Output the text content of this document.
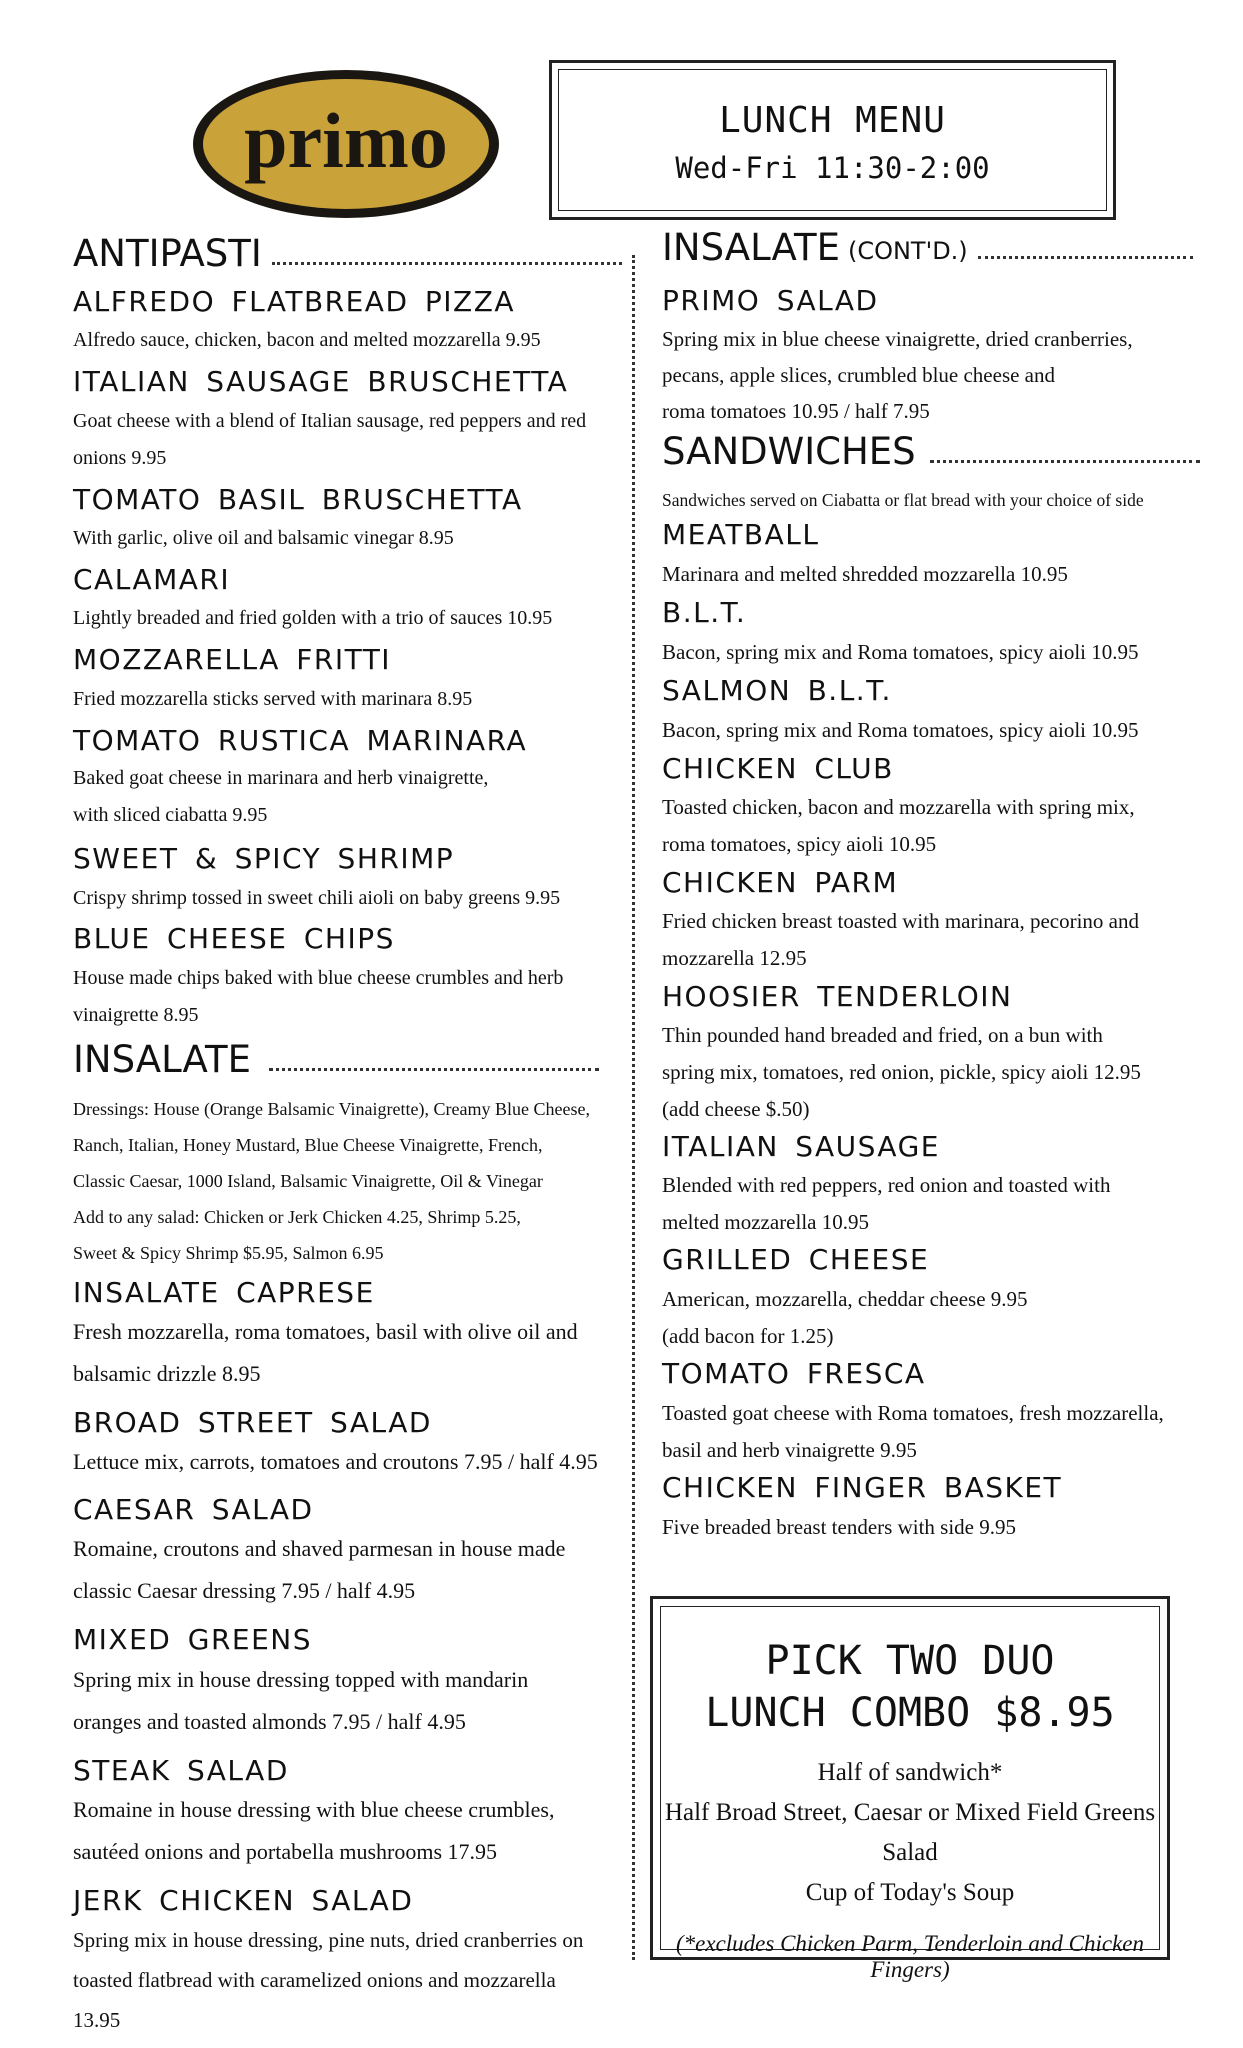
primo	LUNCH MENU
Wed-Fri 11:30-2:00
ANTIPASTI
ALFREDO FLATBREAD PIZZA
Alfredo sauce, chicken, bacon and melted mozzarella 9.95
ITALIAN SAUSAGE BRUSCHETTA
Goat cheese with a blend of Italian sausage, red peppers and red
onions 9.95
TOMATO BASIL BRUSCHETTA
With garlic, olive oil and balsamic vinegar 8.95
CALAMARI
Lightly breaded and fried golden with a trio of sauces 10.95
MOZZARELLA FRITTI
Fried mozzarella sticks served with marinara 8.95
TOMATO RUSTICA MARINARA
Baked goat cheese in marinara and herb vinaigrette,
with sliced ciabatta 9.95
SWEET & SPICY SHRIMP
Crispy shrimp tossed in sweet chili aioli on baby greens 9.95
BLUE CHEESE CHIPS
House made chips baked with blue cheese crumbles and herb
vinaigrette 8.95
INSALATE
Dressings: House (Orange Balsamic Vinaigrette), Creamy Blue Cheese,
Ranch, Italian, Honey Mustard, Blue Cheese Vinaigrette, French,
Classic Caesar, 1000 Island, Balsamic Vinaigrette, Oil & Vinegar
Add to any salad: Chicken or Jerk Chicken 4.25, Shrimp 5.25,
Sweet & Spicy Shrimp $5.95, Salmon 6.95
INSALATE CAPRESE
Fresh mozzarella, roma tomatoes, basil with olive oil and
balsamic drizzle 8.95
BROAD STREET SALAD
Lettuce mix, carrots, tomatoes and croutons 7.95 / half 4.95
CAESAR SALAD
Romaine, croutons and shaved parmesan in house made
classic Caesar dressing 7.95 / half 4.95
MIXED GREENS
Spring mix in house dressing topped with mandarin
oranges and toasted almonds 7.95 / half 4.95
STEAK SALAD
Romaine in house dressing with blue cheese crumbles,
sautéed onions and portabella mushrooms 17.95
JERK CHICKEN SALAD
Spring mix in house dressing, pine nuts, dried cranberries on
toasted flatbread with caramelized onions and mozzarella 13.95
INSALATE (CONT'D.)
PRIMO SALAD
Spring mix in blue cheese vinaigrette, dried cranberries,
pecans, apple slices, crumbled blue cheese and
roma tomatoes 10.95 / half 7.95
SANDWICHES
Sandwiches served on Ciabatta or flat bread with your choice of side
MEATBALL
Marinara and melted shredded mozzarella 10.95
B.L.T.
Bacon, spring mix and Roma tomatoes, spicy aioli 10.95
SALMON B.L.T.
Bacon, spring mix and Roma tomatoes, spicy aioli 10.95
CHICKEN CLUB
Toasted chicken, bacon and mozzarella with spring mix,
roma tomatoes, spicy aioli 10.95
CHICKEN PARM
Fried chicken breast toasted with marinara, pecorino and
mozzarella 12.95
HOOSIER TENDERLOIN
Thin pounded hand breaded and fried, on a bun with
spring mix, tomatoes, red onion, pickle, spicy aioli 12.95
(add cheese $.50)
ITALIAN SAUSAGE
Blended with red peppers, red onion and toasted with
melted mozzarella 10.95
GRILLED CHEESE
American, mozzarella, cheddar cheese 9.95
(add bacon for 1.25)
TOMATO FRESCA
Toasted goat cheese with Roma tomatoes, fresh mozzarella,
basil and herb vinaigrette 9.95
CHICKEN FINGER BASKET
Five breaded breast tenders with side 9.95
PICK TWO DUO
LUNCH COMBO $8.95
Half of sandwich*
Half Broad Street, Caesar or Mixed Field Greens Salad
Cup of Today's Soup
(*excludes Chicken Parm, Tenderloin and Chicken Fingers)
